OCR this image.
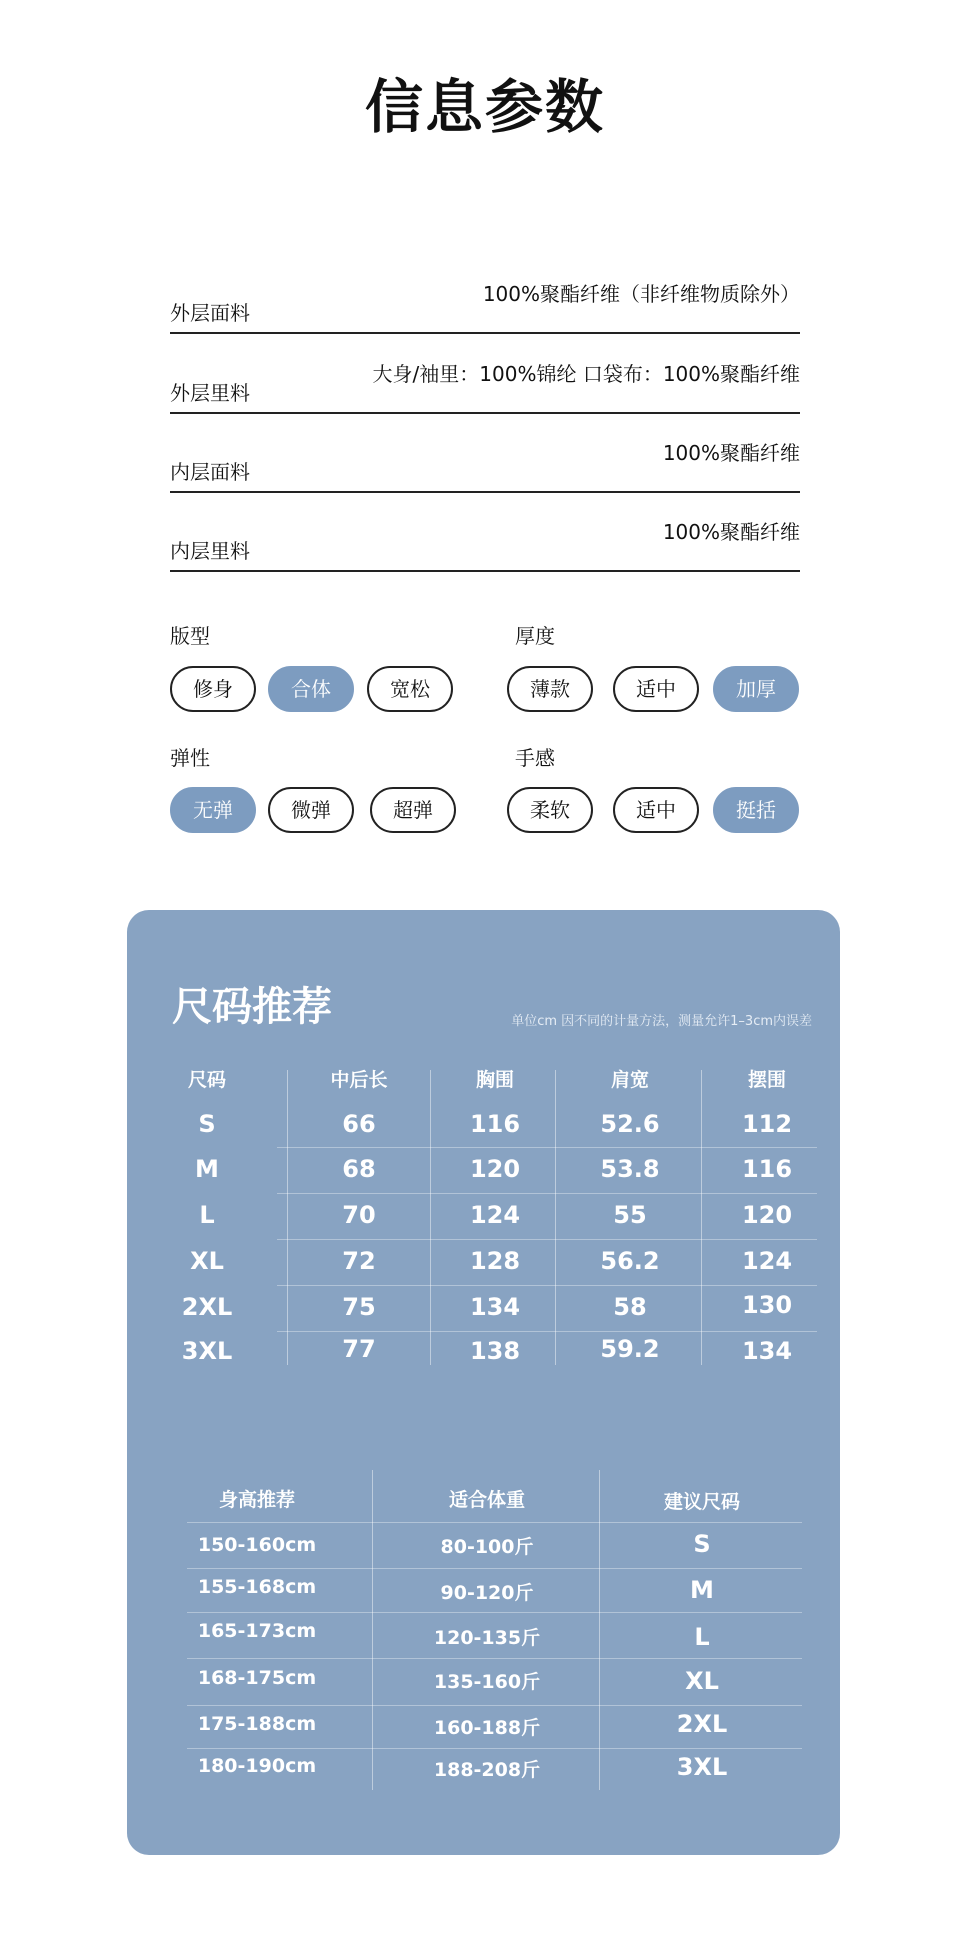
信息参数
外层面料
100%聚酯纤维（非纤维物质除外）
外层里料
大身/袖里：100%锦纶 口袋布：100%聚酯纤维
内层面料
100%聚酯纤维
内层里料
100%聚酯纤维
版型
修身	合体	宽松
厚度
薄款	适中	加厚
弹性
无弹	微弹	超弹
手感
柔软	适中	挺括
尺码推荐	单位cm 因不同的计量方法，测量允许1–3cm内误差
尺码	中后长	胸围	肩宽	摆围
S	66	116	52.6	112
M	68	120	53.8	116
L	70	124	55	120
XL	72	128	56.2	124
2XL	75	134	58	130
3XL	77	138	59.2	134
身高推荐	适合体重	建议尺码
150-160cm	80-100斤	S
155-168cm	90-120斤	M
165-173cm	120-135斤	L
168-175cm	135-160斤	XL
175-188cm	160-188斤	2XL
180-190cm	188-208斤	3XL
